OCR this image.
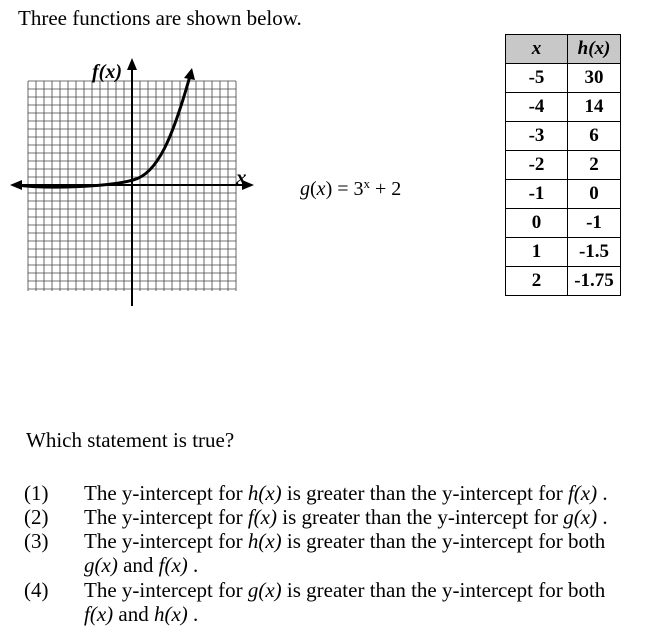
Three functions are shown below.
f(x)
x	$g(x) = 3^x + 2$
x	h(x)
-5	30
-4	14
-3	6
-2	2
-1	0
0	-1
1	-1.5
2	-1.75
Which statement is true?
(1) The y-intercept for h(x) is greater than the y-intercept for f(x) .
(2) The y-intercept for f(x) is greater than the y-intercept for g(x) .
(3) The y-intercept for h(x) is greater than the y-intercept for both g(x) and f(x) .
(4) The y-intercept for g(x) is greater than the y-intercept for both f(x) and h(x) .
